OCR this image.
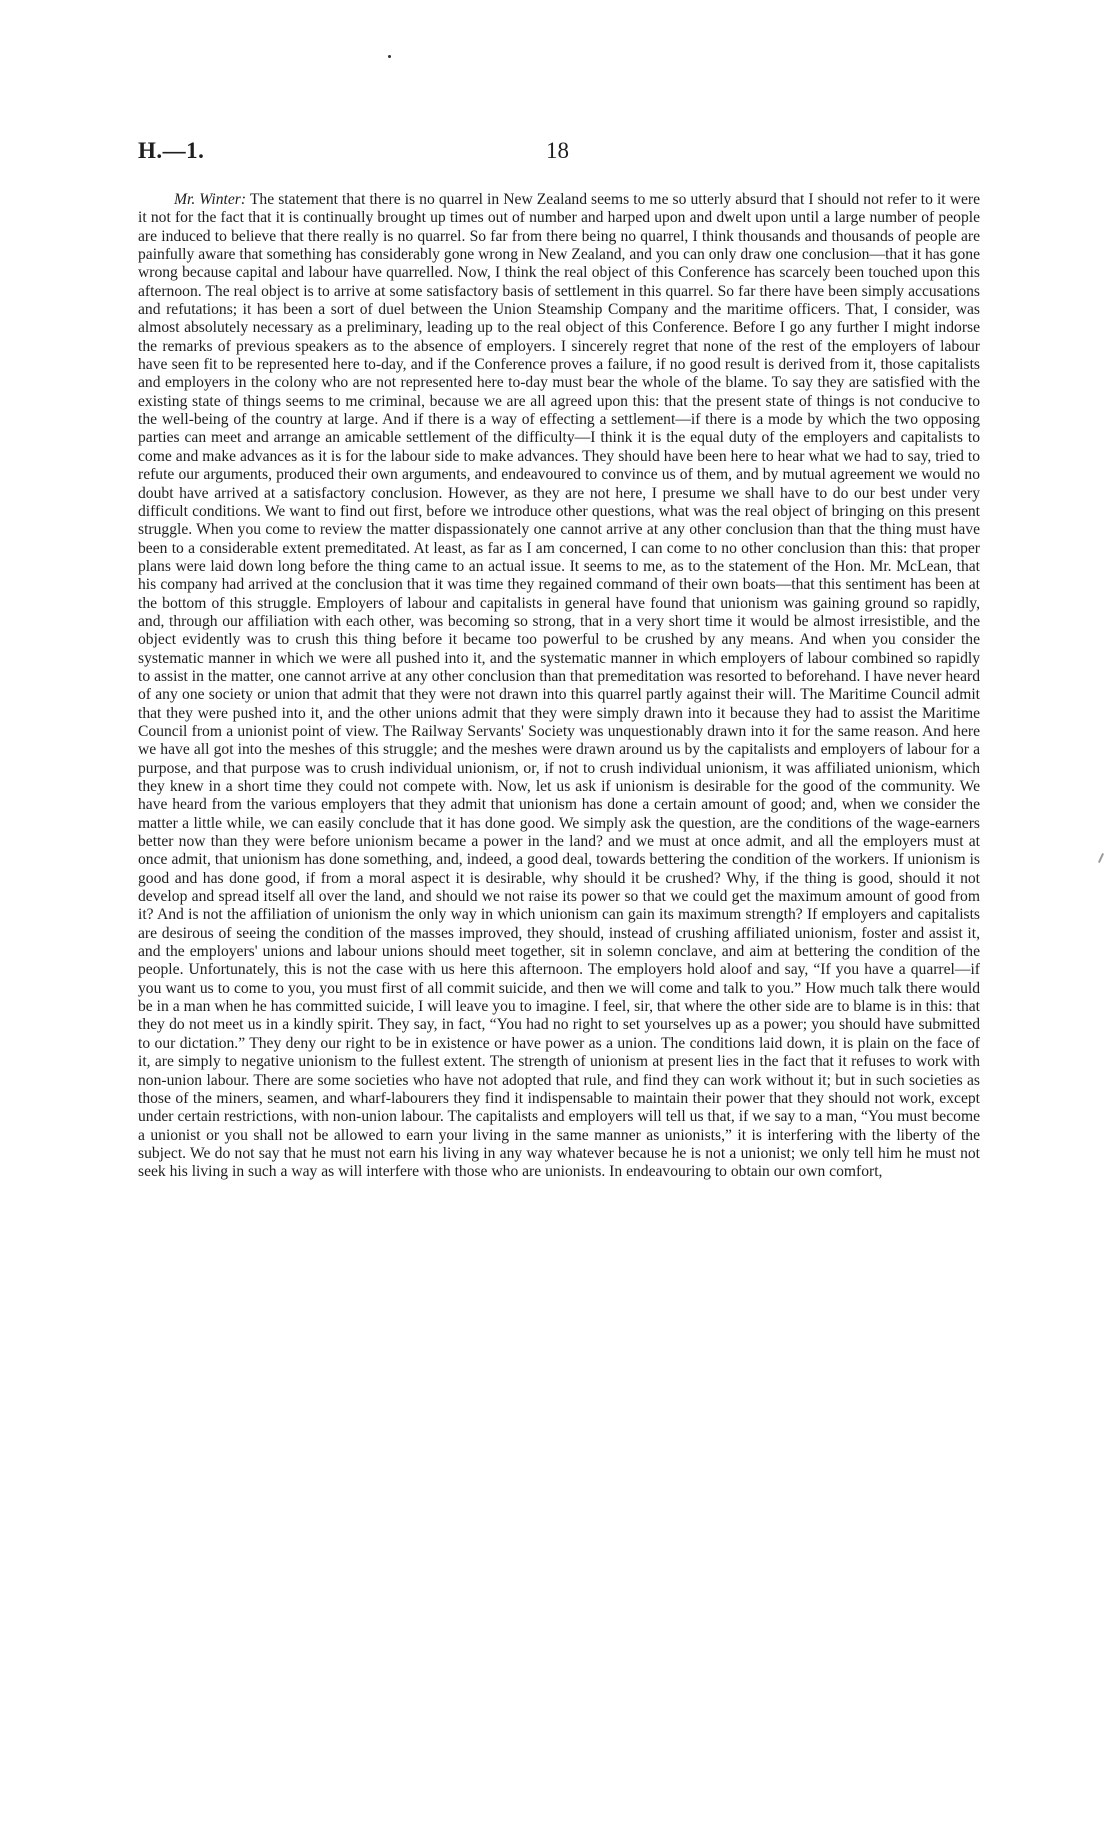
H.—1.	18

Mr. Winter: The statement that there is no quarrel in New Zealand seems to me so utterly absurd that I should not refer to it were it not for the fact that it is continually brought up times out of number and harped upon and dwelt upon until a large number of people are induced to believe that there really is no quarrel. So far from there being no quarrel, I think thousands and thousands of people are painfully aware that something has considerably gone wrong in New Zealand, and you can only draw one conclusion—that it has gone wrong because capital and labour have quarrelled. Now, I think the real object of this Conference has scarcely been touched upon this afternoon. The real object is to arrive at some satisfactory basis of settlement in this quarrel. So far there have been simply accusations and refutations; it has been a sort of duel between the Union Steamship Company and the maritime officers. That, I consider, was almost absolutely necessary as a preliminary, leading up to the real object of this Conference. Before I go any further I might indorse the remarks of previous speakers as to the absence of employers. I sincerely regret that none of the rest of the employers of labour have seen fit to be represented here to-day, and if the Conference proves a failure, if no good result is derived from it, those capitalists and employers in the colony who are not represented here to-day must bear the whole of the blame. To say they are satisfied with the existing state of things seems to me criminal, because we are all agreed upon this: that the present state of things is not conducive to the well-being of the country at large. And if there is a way of effecting a settlement—if there is a mode by which the two opposing parties can meet and arrange an amicable settlement of the difficulty—I think it is the equal duty of the employers and capitalists to come and make advances as it is for the labour side to make advances. They should have been here to hear what we had to say, tried to refute our arguments, produced their own arguments, and endeavoured to convince us of them, and by mutual agreement we would no doubt have arrived at a satisfactory conclusion. However, as they are not here, I presume we shall have to do our best under very difficult conditions. We want to find out first, before we introduce other questions, what was the real object of bringing on this present struggle. When you come to review the matter dispassionately one cannot arrive at any other conclusion than that the thing must have been to a considerable extent premeditated. At least, as far as I am concerned, I can come to no other conclusion than this: that proper plans were laid down long before the thing came to an actual issue. It seems to me, as to the statement of the Hon. Mr. McLean, that his company had arrived at the conclusion that it was time they regained command of their own boats—that this sentiment has been at the bottom of this struggle. Employers of labour and capitalists in general have found that unionism was gaining ground so rapidly, and, through our affiliation with each other, was becoming so strong, that in a very short time it would be almost irresistible, and the object evidently was to crush this thing before it became too powerful to be crushed by any means. And when you consider the systematic manner in which we were all pushed into it, and the systematic manner in which employers of labour combined so rapidly to assist in the matter, one cannot arrive at any other conclusion than that premeditation was resorted to beforehand. I have never heard of any one society or union that admit that they were not drawn into this quarrel partly against their will. The Maritime Council admit that they were pushed into it, and the other unions admit that they were simply drawn into it because they had to assist the Maritime Council from a unionist point of view. The Railway Servants' Society was unquestionably drawn into it for the same reason. And here we have all got into the meshes of this struggle; and the meshes were drawn around us by the capitalists and employers of labour for a purpose, and that purpose was to crush individual unionism, or, if not to crush individual unionism, it was affiliated unionism, which they knew in a short time they could not compete with. Now, let us ask if unionism is desirable for the good of the community. We have heard from the various employers that they admit that unionism has done a certain amount of good; and, when we consider the matter a little while, we can easily conclude that it has done good. We simply ask the question, are the conditions of the wage-earners better now than they were before unionism became a power in the land? and we must at once admit, and all the employers must at once admit, that unionism has done something, and, indeed, a good deal, towards bettering the condition of the workers. If unionism is good and has done good, if from a moral aspect it is desirable, why should it be crushed? Why, if the thing is good, should it not develop and spread itself all over the land, and should we not raise its power so that we could get the maximum amount of good from it? And is not the affiliation of unionism the only way in which unionism can gain its maximum strength? If employers and capitalists are desirous of seeing the condition of the masses improved, they should, instead of crushing affiliated unionism, foster and assist it, and the employers' unions and labour unions should meet together, sit in solemn conclave, and aim at bettering the condition of the people. Unfortunately, this is not the case with us here this afternoon. The employers hold aloof and say, “If you have a quarrel—if you want us to come to you, you must first of all commit suicide, and then we will come and talk to you.” How much talk there would be in a man when he has committed suicide, I will leave you to imagine. I feel, sir, that where the other side are to blame is in this: that they do not meet us in a kindly spirit. They say, in fact, “You had no right to set yourselves up as a power; you should have submitted to our dictation.” They deny our right to be in existence or have power as a union. The conditions laid down, it is plain on the face of it, are simply to negative unionism to the fullest extent. The strength of unionism at present lies in the fact that it refuses to work with non-union labour. There are some societies who have not adopted that rule, and find they can work without it; but in such societies as those of the miners, seamen, and wharf-labourers they find it indispensable to maintain their power that they should not work, except under certain restrictions, with non-union labour. The capitalists and employers will tell us that, if we say to a man, “You must become a unionist or you shall not be allowed to earn your living in the same manner as unionists,” it is interfering with the liberty of the subject. We do not say that he must not earn his living in any way whatever because he is not a unionist; we only tell him he must not seek his living in such a way as will interfere with those who are unionists. In endeavouring to obtain our own comfort,
